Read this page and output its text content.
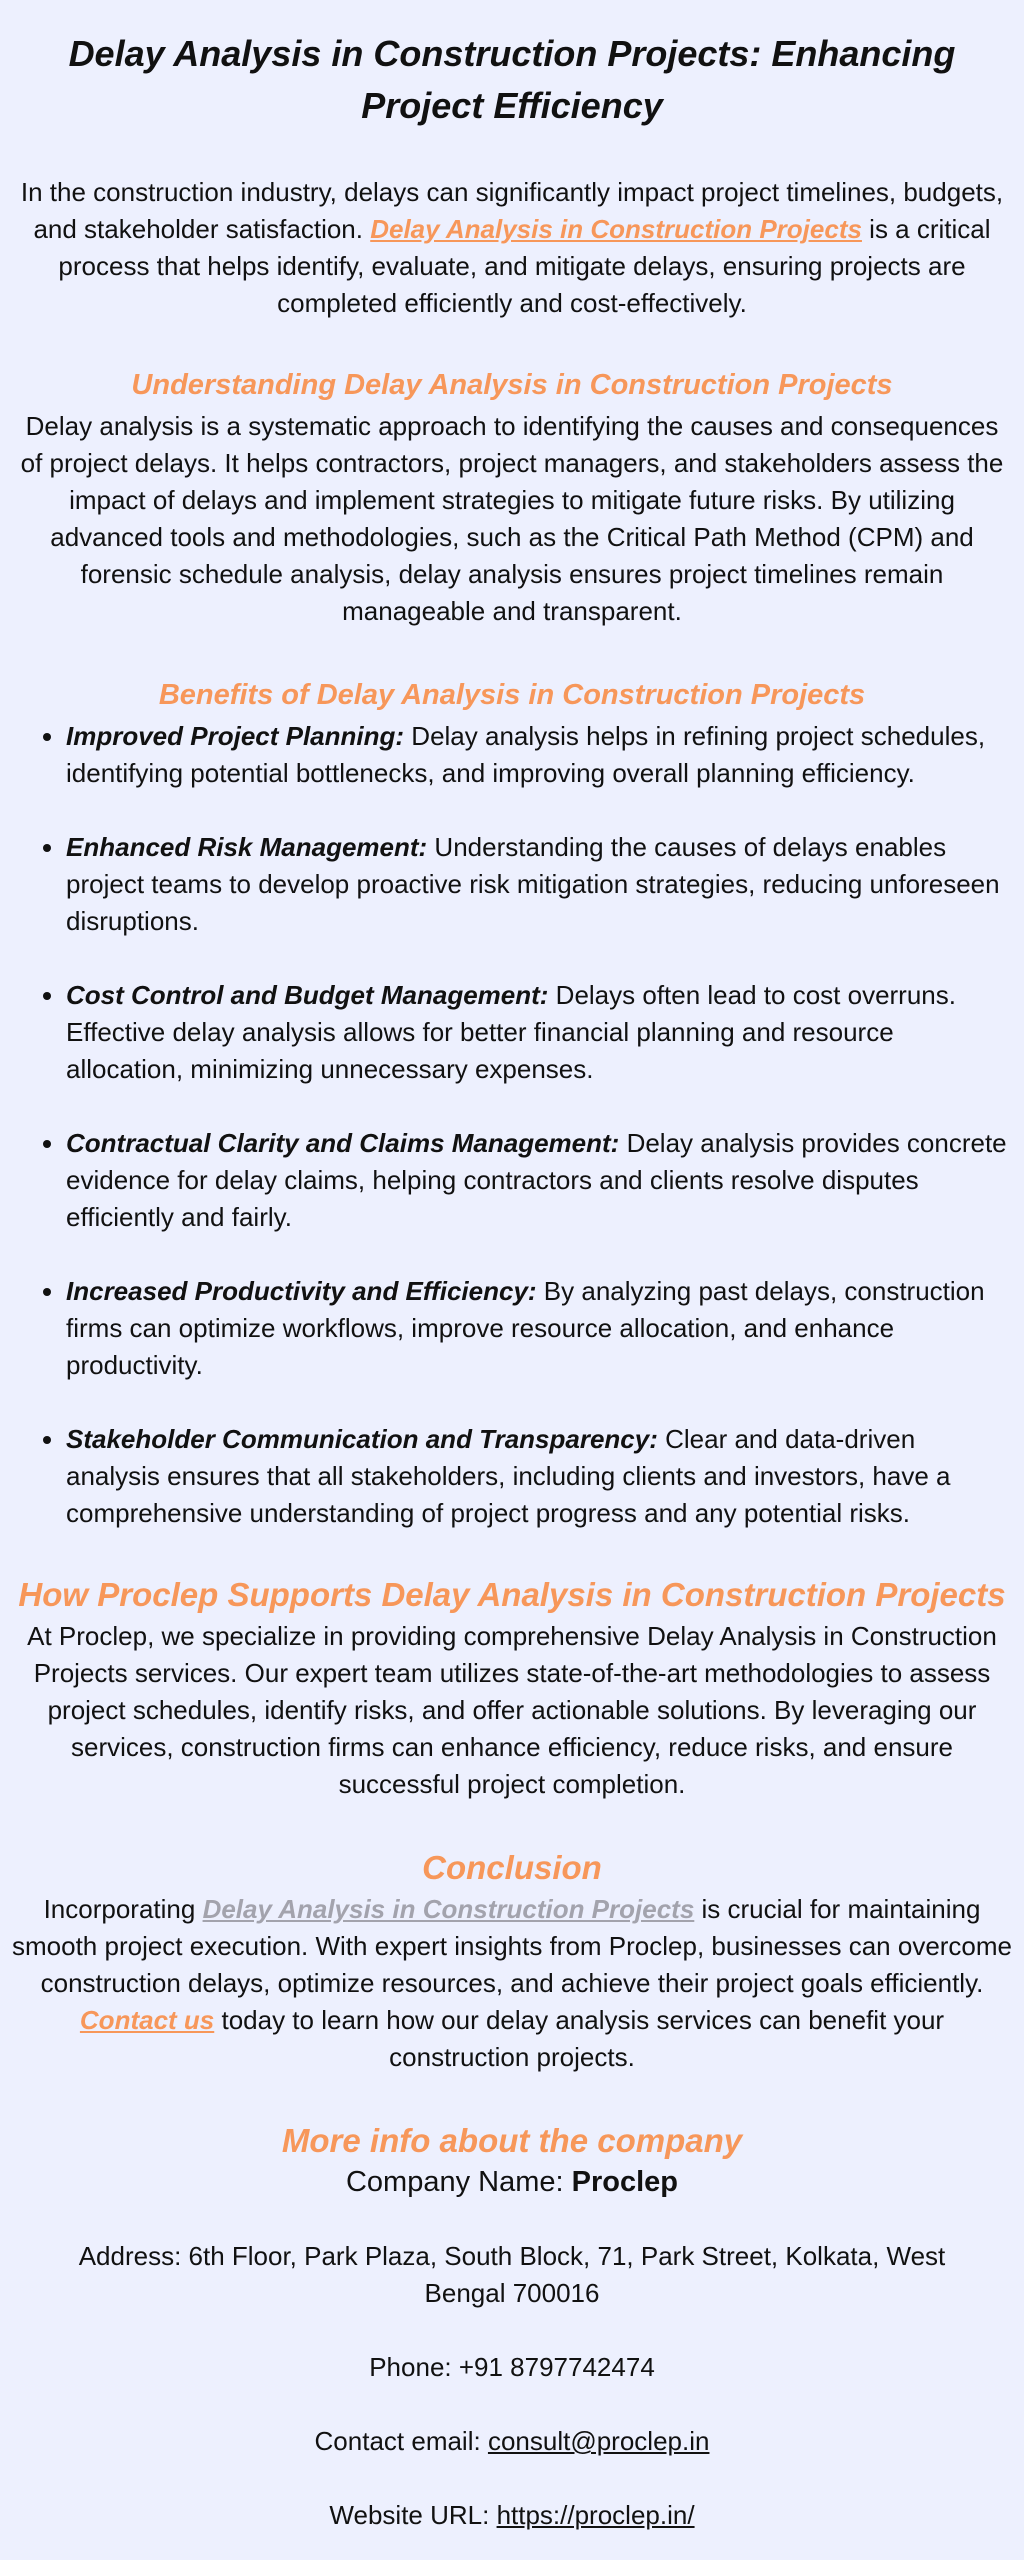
Delay Analysis in Construction Projects: Enhancing Project Efficiency

In the construction industry, delays can significantly impact project timelines, budgets, and stakeholder satisfaction. Delay Analysis in Construction Projects is a critical process that helps identify, evaluate, and mitigate delays, ensuring projects are completed efficiently and cost-effectively.

Understanding Delay Analysis in Construction Projects

Delay analysis is a systematic approach to identifying the causes and consequences of project delays. It helps contractors, project managers, and stakeholders assess the impact of delays and implement strategies to mitigate future risks. By utilizing advanced tools and methodologies, such as the Critical Path Method (CPM) and forensic schedule analysis, delay analysis ensures project timelines remain manageable and transparent.

Benefits of Delay Analysis in Construction Projects
• Improved Project Planning: Delay analysis helps in refining project schedules, identifying potential bottlenecks, and improving overall planning efficiency.
• Enhanced Risk Management: Understanding the causes of delays enables project teams to develop proactive risk mitigation strategies, reducing unforeseen disruptions.
• Cost Control and Budget Management: Delays often lead to cost overruns. Effective delay analysis allows for better financial planning and resource allocation, minimizing unnecessary expenses.
• Contractual Clarity and Claims Management: Delay analysis provides concrete evidence for delay claims, helping contractors and clients resolve disputes efficiently and fairly.
• Increased Productivity and Efficiency: By analyzing past delays, construction firms can optimize workflows, improve resource allocation, and enhance productivity.
• Stakeholder Communication and Transparency: Clear and data-driven analysis ensures that all stakeholders, including clients and investors, have a comprehensive understanding of project progress and any potential risks.
How Proclep Supports Delay Analysis in Construction Projects

At Proclep, we specialize in providing comprehensive Delay Analysis in Construction Projects services. Our expert team utilizes state-of-the-art methodologies to assess project schedules, identify risks, and offer actionable solutions. By leveraging our services, construction firms can enhance efficiency, reduce risks, and ensure successful project completion.

Conclusion

Incorporating Delay Analysis in Construction Projects is crucial for maintaining smooth project execution. With expert insights from Proclep, businesses can overcome construction delays, optimize resources, and achieve their project goals efficiently. Contact us today to learn how our delay analysis services can benefit your construction projects.

More info about the company

Company Name: Proclep

Address: 6th Floor, Park Plaza, South Block, 71, Park Street, Kolkata, West Bengal 700016

Phone: +91 8797742474

Contact email: consult@proclep.in

Website URL: https://proclep.in/
